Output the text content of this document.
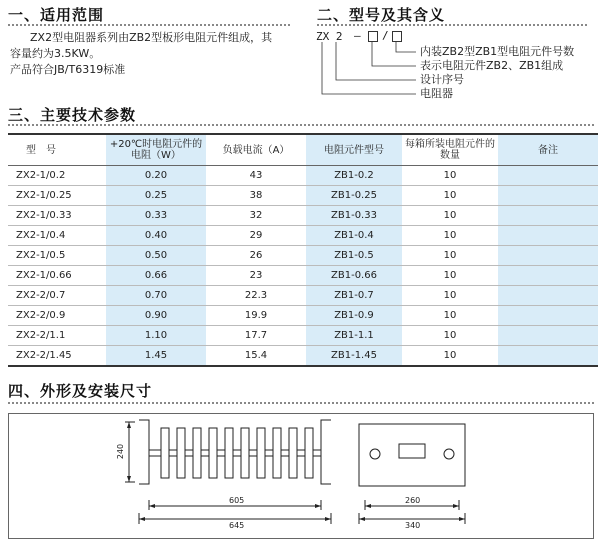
一、适用范围
ZX2型电阻器系列由ZB2型板形电阻元件组成，其
容量约为3.5KW。
产品符合JB/T6319标准
二、型号及其含义
ZX 2 — /
内装ZB2型ZB1型电阻元件号数
表示电阻元件ZB2、ZB1组成
设计序号
电阻器
三、主要技术参数
型　号	+20℃时电阻元件的电阻（W）	负载电流（A）	电阻元件型号	每箱所装电阻元件的数量	备注
ZX2-1/0.2	0.20	43	ZB1-0.2	10	
ZX2-1/0.25	0.25	38	ZB1-0.25	10	
ZX2-1/0.33	0.33	32	ZB1-0.33	10	
ZX2-1/0.4	0.40	29	ZB1-0.4	10	
ZX2-1/0.5	0.50	26	ZB1-0.5	10	
ZX2-1/0.66	0.66	23	ZB1-0.66	10	
ZX2-2/0.7	0.70	22.3	ZB1-0.7	10	
ZX2-2/0.9	0.90	19.9	ZB1-0.9	10	
ZX2-2/1.1	1.10	17.7	ZB1-1.1	10	
ZX2-2/1.45	1.45	15.4	ZB1-1.45	10	
四、外形及安装尺寸
240
605
645
260
340
